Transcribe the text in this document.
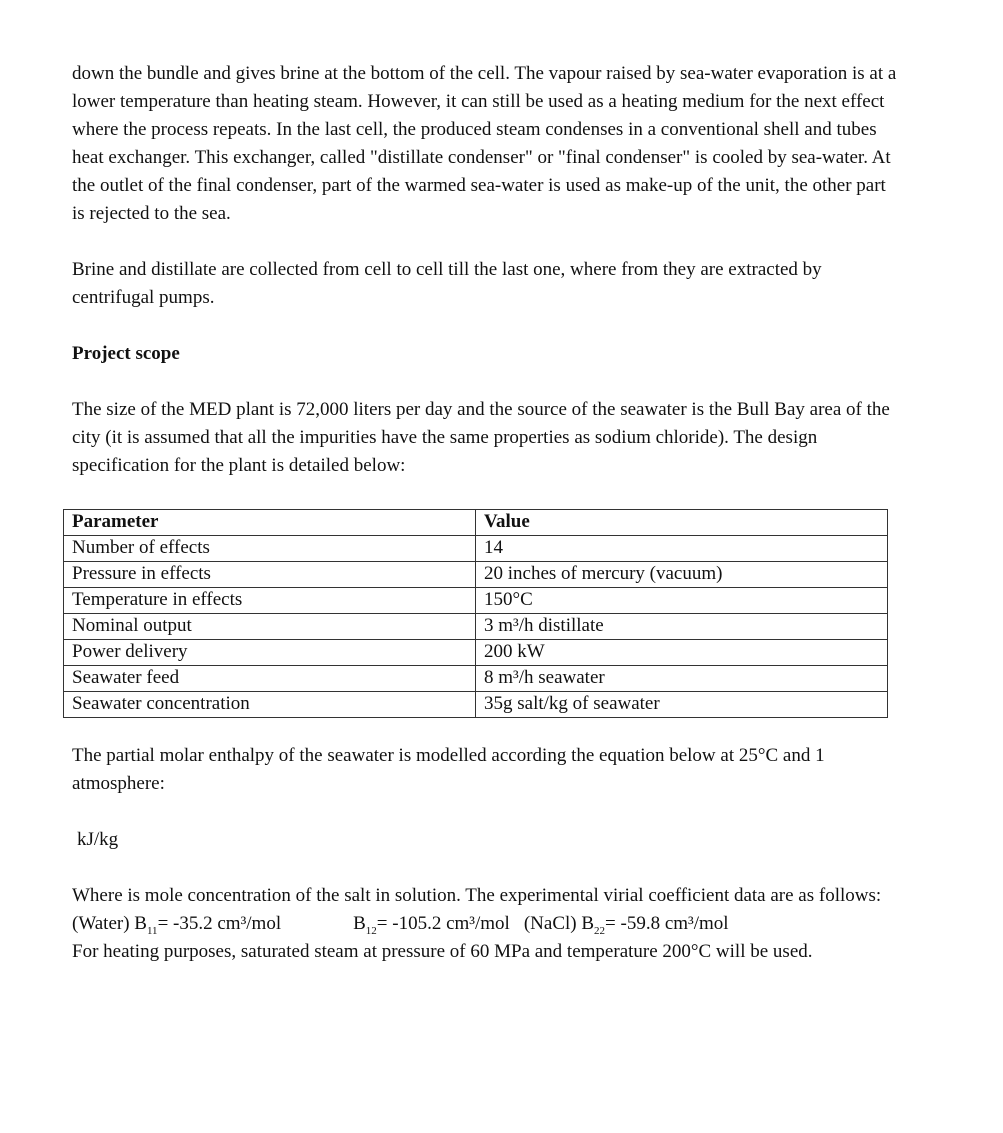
down the bundle and gives brine at the bottom of the cell. The vapour raised by sea-water evaporation is at a lower temperature than heating steam. However, it can still be used as a heating medium for the next effect where the process repeats. In the last cell, the produced steam condenses in a conventional shell and tubes heat exchanger. This exchanger, called "distillate condenser" or "final condenser" is cooled by sea-water. At the outlet of the final condenser, part of the warmed sea-water is used as make-up of the unit, the other part is rejected to the sea.

Brine and distillate are collected from cell to cell till the last one, where from they are extracted by centrifugal pumps.

Project scope

The size of the MED plant is 72,000 liters per day and the source of the seawater is the Bull Bay area of the city (it is assumed that all the impurities have the same properties as sodium chloride). The design specification for the plant is detailed below:

Parameter	Value
Number of effects	14
Pressure in effects	20 inches of mercury (vacuum)
Temperature in effects	150°C
Nominal output	3 m³/h distillate
Power delivery	200 kW
Seawater feed	8 m³/h seawater
Seawater concentration	35g salt/kg of seawater

The partial molar enthalpy of the seawater is modelled according the equation below at 25°C and 1 atmosphere:

kJ/kg

Where is mole concentration of the salt in solution. The experimental virial coefficient data are as follows:

(Water) $B_{11}= -35.2$ cm³/mol	$B_{12}= -105.2$ cm³/mol (NaCl) $B_{22}= -59.8$ cm³/mol

For heating purposes, saturated steam at pressure of 60 MPa and temperature 200°C will be used.
